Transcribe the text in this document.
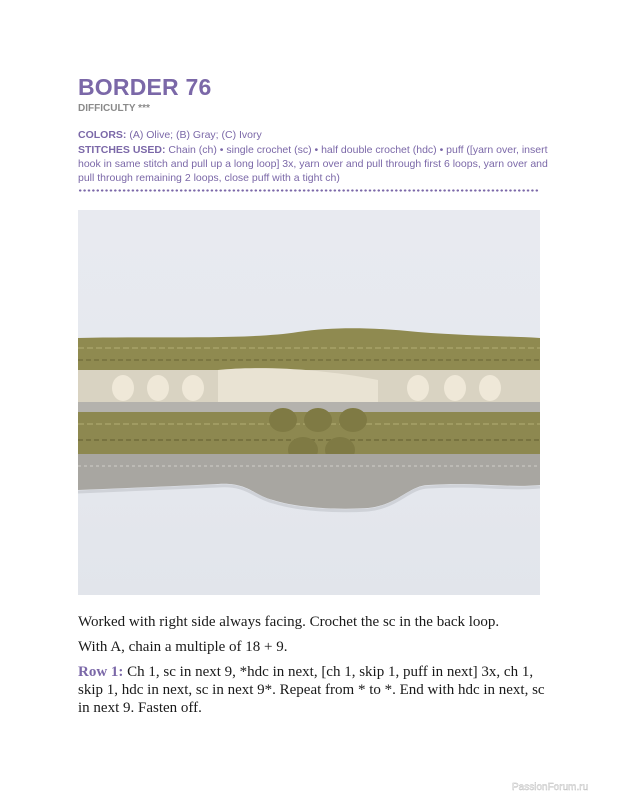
BORDER 76
DIFFICULTY ***
COLORS: (A) Olive; (B) Gray; (C) Ivory
STITCHES USED: Chain (ch) • single crochet (sc) • half double crochet (hdc) • puff ([yarn over, insert hook in same stitch and pull up a long loop] 3x, yarn over and pull through first 6 loops, yarn over and pull through remaining 2 loops, close puff with a tight ch)
Worked with right side always facing. Crochet the sc in the back loop.
With A, chain a multiple of 18 + 9.
Row 1: Ch 1, sc in next 9, *hdc in next, [ch 1, skip 1, puff in next] 3x, ch 1, skip 1, hdc in next, sc in next 9*. Repeat from * to *. End with hdc in next, sc in next 9. Fasten off.
PassionForum.ru
